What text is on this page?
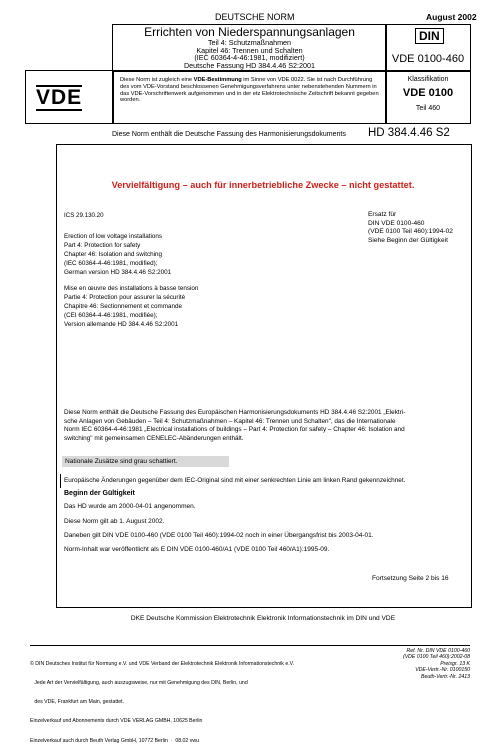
DEUTSCHE NORM	August 2002
Errichten von Niederspannungsanlagen
Teil 4: Schutzmaßnahmen
Kapitel 46: Trennen und Schalten
(IEC 60364-4-46:1981, modifiziert)
Deutsche Fassung HD 384.4.46 S2:2001
DIN
VDE 0100-460
VDE
Diese Norm ist zugleich eine VDE-Bestimmung im Sinne von VDE 0022. Sie ist nach Durchführung des vom VDE-Vorstand beschlossenen Genehmigungsverfahrens unter nebenstehenden Nummern in das VDE-Vorschriftenwerk aufgenommen und in der etz Elektrotechnische Zeitschrift bekannt gegeben worden.
Klassifikation
VDE 0100
Teil 460
Diese Norm enthält die Deutsche Fassung des Harmonisierungsdokuments HD 384.4.46 S2
Vervielfältigung – auch für innerbetriebliche Zwecke – nicht gestattet.
ICS 29.130.20
Erection of low voltage installations
Part 4: Protection for safety
Chapter 46: Isolation and switching
(IEC 60364-4-46:1981, modified);
German version HD 384.4.46 S2:2001
Mise en œuvre des installations à basse tension
Partie 4: Protection pour assurer la sécurité
Chapitre 46: Sectionnement et commande
(CEI 60364-4-46:1981, modifiée);
Version allemande HD 384.4.46 S2:2001
Ersatz für
DIN VDE 0100-460
(VDE 0100 Teil 460):1994-02
Siehe Beginn der Gültigkeit
Diese Norm enthält die Deutsche Fassung des Europäischen Harmonisierungsdokuments HD 384.4.46 S2:2001 „Elektri-
sche Anlagen von Gebäuden – Teil 4: Schutzmaßnahmen – Kapitel 46: Trennen und Schalten", das die Internationale
Norm IEC 60364-4-46:1981 „Electrical installations of buildings – Part 4: Protection for safety – Chapter 46: Isolation and
switching" mit gemeinsamen CENELEC-Abänderungen enthält.
Nationale Zusätze sind grau schattiert.
Europäische Änderungen gegenüber dem IEC-Original sind mit einer senkrechten Linie am linken Rand gekennzeichnet.
Beginn der Gültigkeit
Das HD wurde am 2000-04-01 angenommen.
Diese Norm gilt ab 1. August 2002.
Daneben gilt DIN VDE 0100-460 (VDE 0100 Teil 460):1994-02 noch in einer Übergangsfrist bis 2003-04-01.
Norm-Inhalt war veröffentlicht als E DIN VDE 0100-460/A1 (VDE 0100 Teil 460/A1):1995-09.
Fortsetzung Seite 2 bis 16
DKE Deutsche Kommission Elektrotechnik Elektronik Informationstechnik im DIN und VDE

© DIN Deutsches Institut für Normung e.V. und VDE Verband der Elektrotechnik Elektronik Informationstechnik e.V.

Jede Art der Vervielfältigung, auch auszugsweise, nur mit Genehmigung des DIN, Berlin, und

des VDE, Frankfurt am Main, gestattet.

Einzelverkauf und Abonnements durch VDE VERLAG GMBH, 10625 Berlin

Einzelverkauf auch durch Beuth Verlag GmbH, 10772 Berlin  ·  08.02 vwu

Ref. Nr. DIN VDE 0100-460
(VDE 0100 Teil 460):2002-08
Preisgr. 13 K
VDE-Vertr.-Nr. 0100150
Beuth-Vertr.-Nr. 2413
